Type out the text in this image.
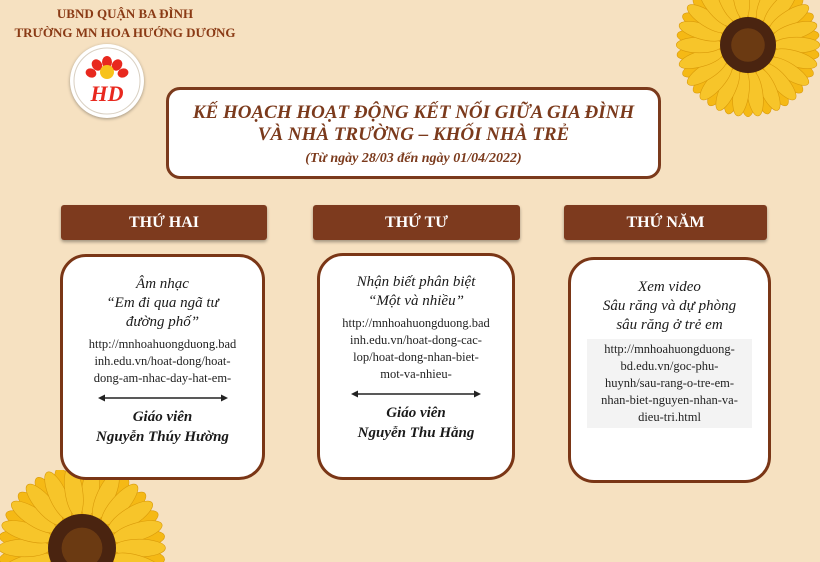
UBND QUẬN BA ĐÌNH
TRƯỜNG MN HOA HƯỚNG DƯƠNG
HD
KẾ HOẠCH HOẠT ĐỘNG KẾT NỐI GIỮA GIA ĐÌNH
VÀ NHÀ TRƯỜNG – KHỐI NHÀ TRẺ
(Từ ngày 28/03 đến ngày 01/04/2022)
THỨ HAI	THỨ TƯ	THỨ NĂM
Âm nhạc
“Em đi qua ngã tư
đường phố”
http://mnhoahuongduong.bad
inh.edu.vn/hoat-dong/hoat-
dong-am-nhac-day-hat-em-
Giáo viên
Nguyễn Thúy Hường
Nhận biết phân biệt
“Một và nhiều”
http://mnhoahuongduong.bad
inh.edu.vn/hoat-dong-cac-
lop/hoat-dong-nhan-biet-
mot-va-nhieu-
Giáo viên
Nguyễn Thu Hằng
Xem video
Sâu răng và dự phòng
sâu răng ở trẻ em
http://mnhoahuongduong-
bd.edu.vn/goc-phu-
huynh/sau-rang-o-tre-em-
nhan-biet-nguyen-nhan-va-
dieu-tri.html
